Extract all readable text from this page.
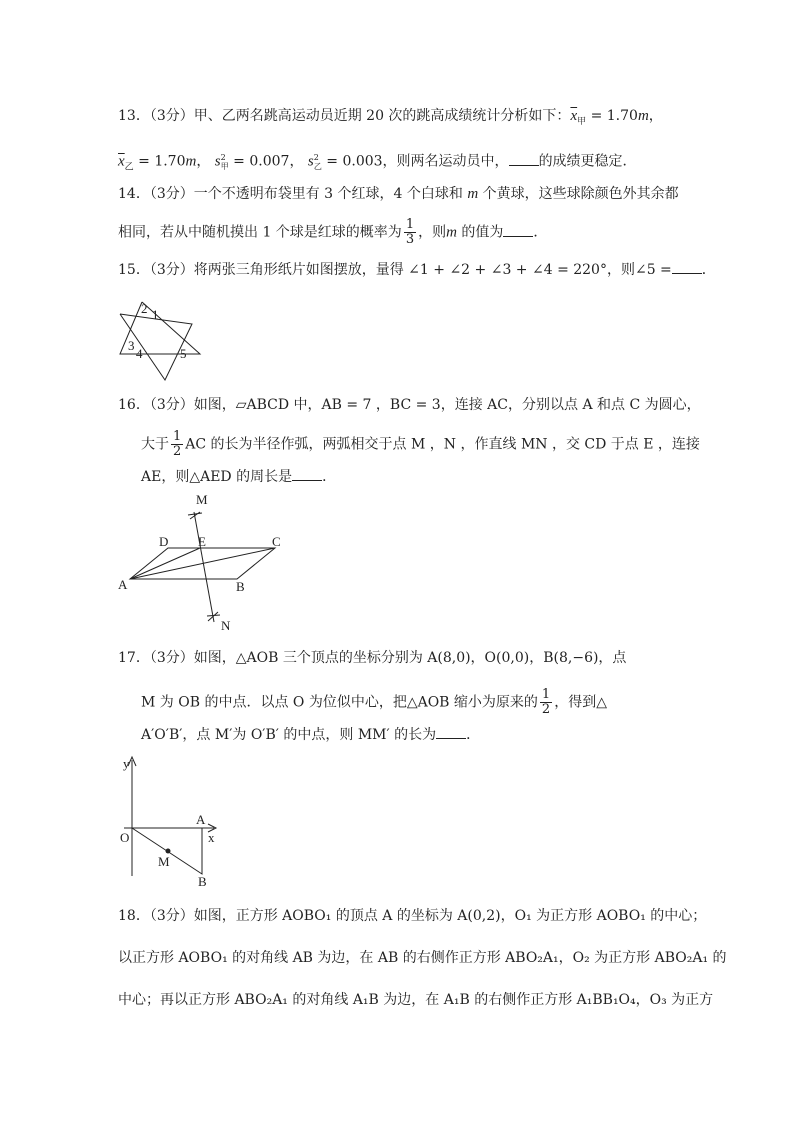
13．（3分）甲、乙两名跳高运动员近期 20 次的跳高成绩统计分析如下：$\overline{x}_甲 = 1.70m$，
$\overline{x}_乙 = 1.70m$， $s^2_甲 = 0.007$， $s^2_乙 = 0.003$，则两名运动员中， 的成绩更稳定．
14．（3分）一个不透明布袋里有 3 个红球，4 个白球和 m 个黄球，这些球除颜色外其余都
相同，若从中随机摸出 1 个球是红球的概率为 $\frac{1}{3}$ ，则m 的值为 ．
15．（3分）将两张三角形纸片如图摆放，量得 ∠1 + ∠2 + ∠3 + ∠4 = 220°，则∠5 = ．
2 1
3
4	5
16．（3分）如图，▱ABCD 中，AB = 7 ，BC = 3，连接 AC，分别以点 A 和点 C 为圆心，
大于 $\frac{1}{2}$ AC 的长为半径作弧，两弧相交于点 M ，N ，作直线 MN ，交 CD 于点 E ，连接
AE，则△AED 的周长是 ．
M
D E	C
A	B
N
17．（3分）如图，△AOB 三个顶点的坐标分别为 A(8,0)，O(0,0)，B(8,−6)，点
M 为 OB 的中点．以点 O 为位似中心，把△AOB 缩小为原来的 $\frac{1}{2}$ ，得到△
A′O′B′，点 M′为 O′B′ 的中点，则 MM′ 的长为 ．
y
A
x
O
M
B
18．（3分）如图，正方形 AOBO₁ 的顶点 A 的坐标为 A(0,2)，O₁ 为正方形 AOBO₁ 的中心；
以正方形 AOBO₁ 的对角线 AB 为边，在 AB 的右侧作正方形 ABO₂A₁，O₂ 为正方形 ABO₂A₁ 的
中心；再以正方形 ABO₂A₁ 的对角线 A₁B 为边，在 A₁B 的右侧作正方形 A₁BB₁O₄，O₃ 为正方
